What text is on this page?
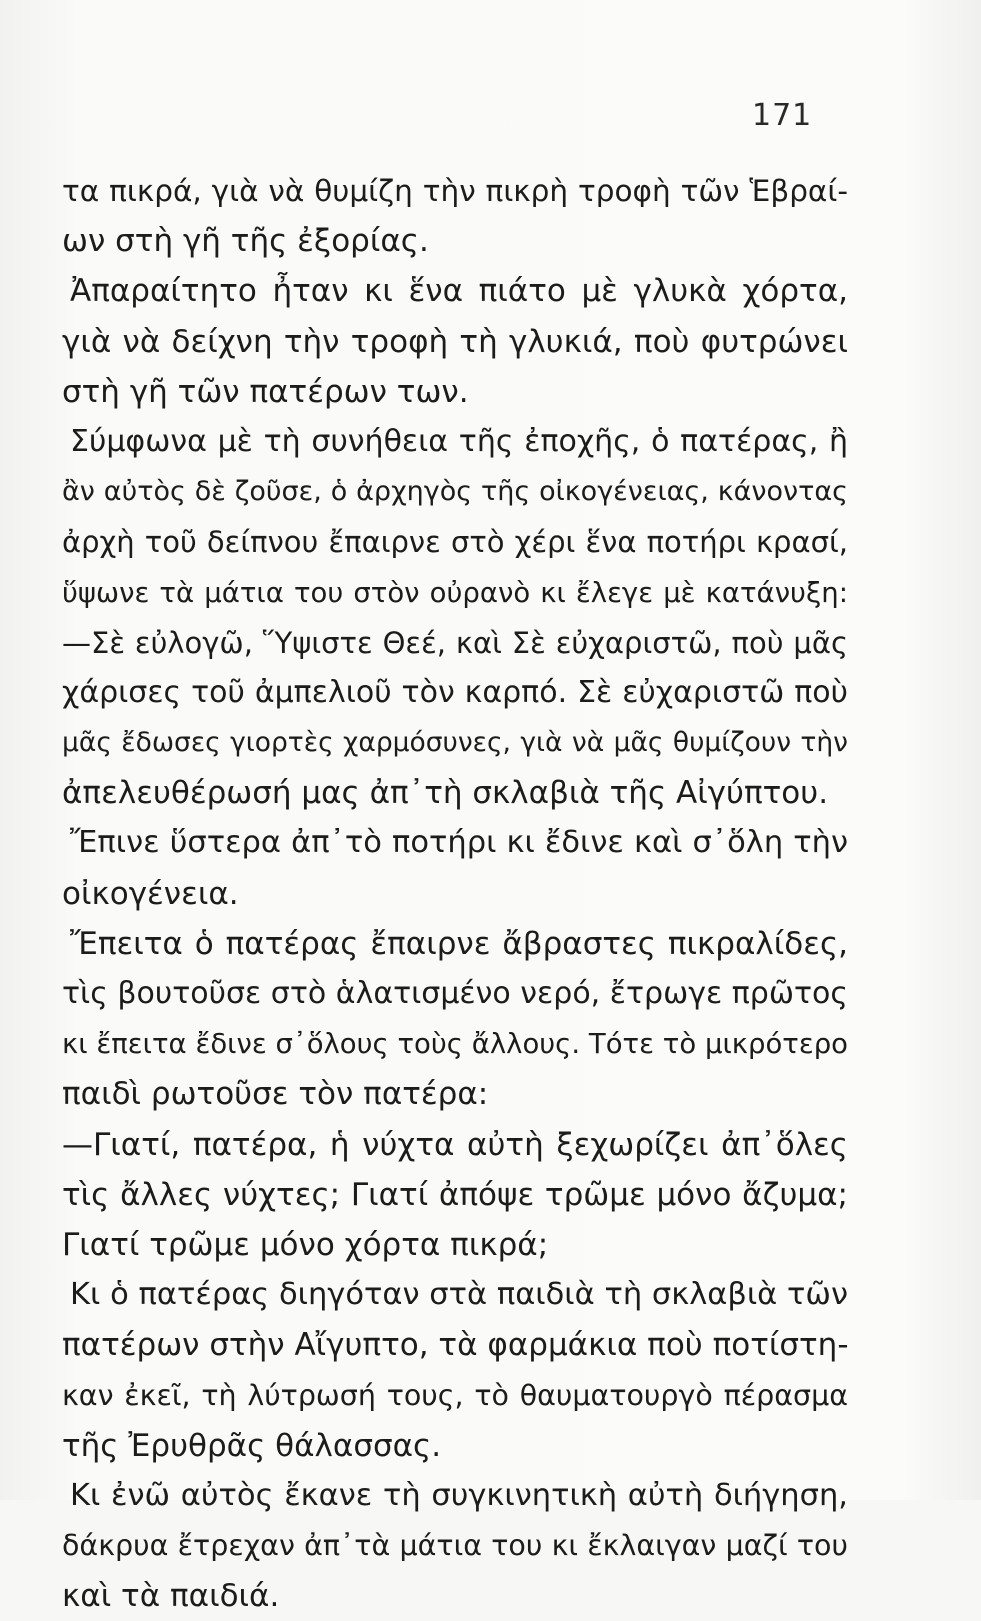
171
τα πικρά, γιὰ νὰ θυμίζη τὴν πικρὴ τροφὴ τῶν Ἑβραί-
ων στὴ γῆ τῆς ἐξορίας.
Ἀπαραίτητο ἦταν κι ἕνα πιάτο μὲ γλυκὰ χόρτα,
γιὰ νὰ δείχνη τὴν τροφὴ τὴ γλυκιά, ποὺ φυτρώνει
στὴ γῆ τῶν πατέρων των.
Σύμφωνα μὲ τὴ συνήθεια τῆς ἐποχῆς, ὁ πατέρας, ἢ
ἂν αὐτὸς δὲ ζοῦσε, ὁ ἀρχηγὸς τῆς οἰκογένειας, κάνοντας
ἀρχὴ τοῦ δείπνου ἔπαιρνε στὸ χέρι ἕνα ποτήρι κρασί,
ὕψωνε τὰ μάτια του στὸν οὐρανὸ κι ἔλεγε μὲ κατάνυξη:
—Σὲ εὐλογῶ, Ὕψιστε Θεέ, καὶ Σὲ εὐχαριστῶ, ποὺ μᾶς
χάρισες τοῦ ἀμπελιοῦ τὸν καρπό. Σὲ εὐχαριστῶ ποὺ
μᾶς ἔδωσες γιορτὲς χαρμόσυνες, γιὰ νὰ μᾶς θυμίζουν τὴν
ἀπελευθέρωσή μας ἀπ᾽τὴ σκλαβιὰ τῆς Αἰγύπτου.
Ἔπινε ὕστερα ἀπ᾽τὸ ποτήρι κι ἔδινε καὶ σ᾽ὅλη τὴν
οἰκογένεια.
Ἔπειτα ὁ πατέρας ἔπαιρνε ἄβραστες πικραλίδες,
τὶς βουτοῦσε στὸ ἁλατισμένο νερό, ἔτρωγε πρῶτος
κι ἔπειτα ἔδινε σ᾽ὅλους τοὺς ἄλλους. Τότε τὸ μικρότερο
παιδὶ ρωτοῦσε τὸν πατέρα:
—Γιατί, πατέρα, ἡ νύχτα αὐτὴ ξεχωρίζει ἀπ᾽ὅλες
τὶς ἄλλες νύχτες; Γιατί ἀπόψε τρῶμε μόνο ἄζυμα;
Γιατί τρῶμε μόνο χόρτα πικρά;
Κι ὁ πατέρας διηγόταν στὰ παιδιὰ τὴ σκλαβιὰ τῶν
πατέρων στὴν Αἴγυπτο, τὰ φαρμάκια ποὺ ποτίστη-
καν ἐκεῖ, τὴ λύτρωσή τους, τὸ θαυματουργὸ πέρασμα
τῆς Ἐρυθρᾶς θάλασσας.
Κι ἐνῶ αὐτὸς ἔκανε τὴ συγκινητικὴ αὐτὴ διήγηση,
δάκρυα ἔτρεχαν ἀπ᾽τὰ μάτια του κι ἔκλαιγαν μαζί του
καὶ τὰ παιδιά.
